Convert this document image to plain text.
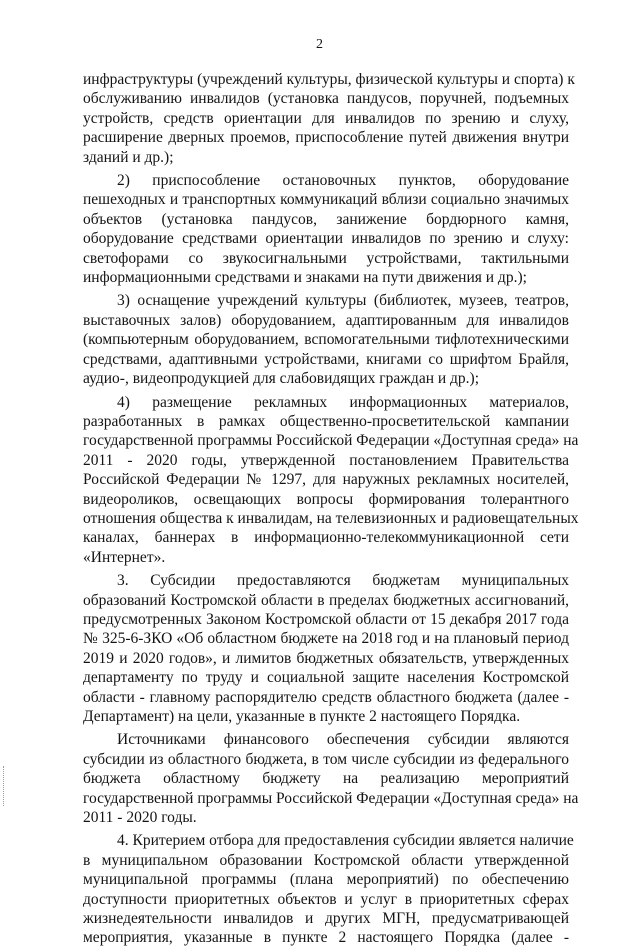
2
инфраструктуры (учреждений культуры, физической культуры и спорта) к
обслуживанию инвалидов (установка пандусов, поручней, подъемных
устройств, средств ориентации для инвалидов по зрению и слуху,
расширение дверных проемов, приспособление путей движения внутри
зданий и др.);
2) приспособление остановочных пунктов, оборудование
пешеходных и транспортных коммуникаций вблизи социально значимых
объектов (установка пандусов, занижение бордюрного камня,
оборудование средствами ориентации инвалидов по зрению и слуху:
светофорами со звукосигнальными устройствами, тактильными
информационными средствами и знаками на пути движения и др.);
3) оснащение учреждений культуры (библиотек, музеев, театров,
выставочных залов) оборудованием, адаптированным для инвалидов
(компьютерным оборудованием, вспомогательными тифлотехническими
средствами, адаптивными устройствами, книгами со шрифтом Брайля,
аудио-, видеопродукцией для слабовидящих граждан и др.);
4) размещение рекламных информационных материалов,
разработанных в рамках общественно-просветительской кампании
государственной программы Российской Федерации «Доступная среда» на
2011 - 2020 годы, утвержденной постановлением Правительства
Российской Федерации № 1297, для наружных рекламных носителей,
видеороликов, освещающих вопросы формирования толерантного
отношения общества к инвалидам, на телевизионных и радиовещательных
каналах, баннерах в информационно-телекоммуникационной сети
«Интернет».
3. Субсидии предоставляются бюджетам муниципальных
образований Костромской области в пределах бюджетных ассигнований,
предусмотренных Законом Костромской области от 15 декабря 2017 года
№ 325-6-ЗКО «Об областном бюджете на 2018 год и на плановый период
2019 и 2020 годов», и лимитов бюджетных обязательств, утвержденных
департаменту по труду и социальной защите населения Костромской
области - главному распорядителю средств областного бюджета (далее -
Департамент) на цели, указанные в пункте 2 настоящего Порядка.
Источниками финансового обеспечения субсидии являются
субсидии из областного бюджета, в том числе субсидии из федерального
бюджета областному бюджету на реализацию мероприятий
государственной программы Российской Федерации «Доступная среда» на
2011 - 2020 годы.
4. Критерием отбора для предоставления субсидии является наличие
в муниципальном образовании Костромской области утвержденной
муниципальной программы (плана мероприятий) по обеспечению
доступности приоритетных объектов и услуг в приоритетных сферах
жизнедеятельности инвалидов и других МГН, предусматривающей
мероприятия, указанные в пункте 2 настоящего Порядка (далее -
